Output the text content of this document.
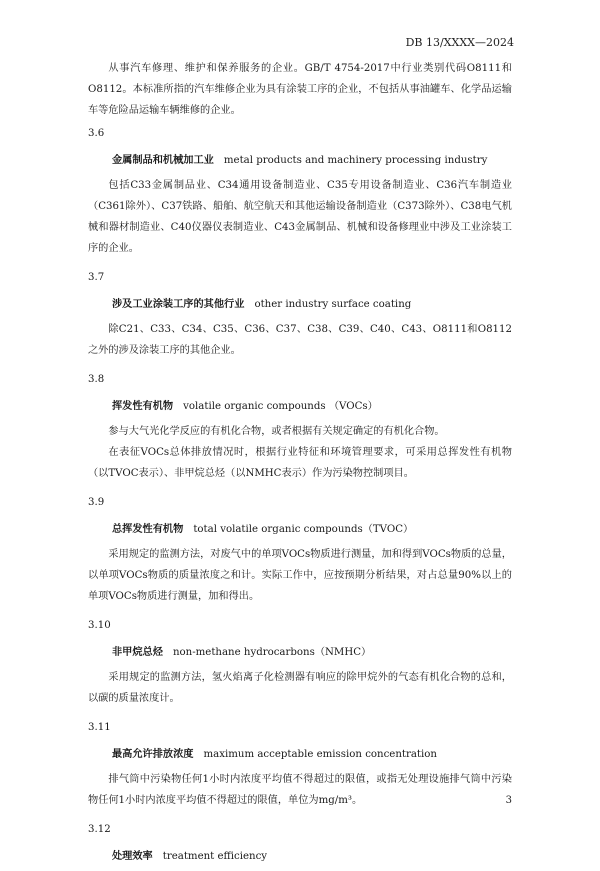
DB 13/XXXX—2024

从事汽车修理、维护和保养服务的企业。GB/T 4754-2017中行业类别代码O8111和O8112。本标准所指的汽车维修企业为具有涂装工序的企业，不包括从事油罐车、化学品运输车等危险品运输车辆维修的企业。

3.6
金属制品和机械加工业 metal products and machinery processing industry

包括C33金属制品业、C34通用设备制造业、C35专用设备制造业、C36汽车制造业（C361除外）、C37铁路、船舶、航空航天和其他运输设备制造业（C373除外）、C38电气机械和器材制造业、C40仪器仪表制造业、C43金属制品、机械和设备修理业中涉及工业涂装工序的企业。

3.7
涉及工业涂装工序的其他行业 other industry surface coating

除C21、C33、C34、C35、C36、C37、C38、C39、C40、C43、O8111和O8112之外的涉及涂装工序的其他企业。

3.8
挥发性有机物 volatile organic compounds （VOCs）

参与大气光化学反应的有机化合物，或者根据有关规定确定的有机化合物。

在表征VOCs总体排放情况时，根据行业特征和环境管理要求，可采用总挥发性有机物（以TVOC表示）、非甲烷总烃（以NMHC表示）作为污染物控制项目。

3.9
总挥发性有机物 total volatile organic compounds（TVOC）

采用规定的监测方法，对废气中的单项VOCs物质进行测量，加和得到VOCs物质的总量，以单项VOCs物质的质量浓度之和计。实际工作中，应按预期分析结果，对占总量90%以上的单项VOCs物质进行测量，加和得出。

3.10
非甲烷总烃 non-methane hydrocarbons（NMHC）

采用规定的监测方法，氢火焰离子化检测器有响应的除甲烷外的气态有机化合物的总和，以碳的质量浓度计。

3.11
最高允许排放浓度 maximum acceptable emission concentration

排气筒中污染物任何1小时内浓度平均值不得超过的限值，或指无处理设施排气筒中污染物任何1小时内浓度平均值不得超过的限值，单位为mg/m³。

3.12
处理效率 treatment efficiency
3
